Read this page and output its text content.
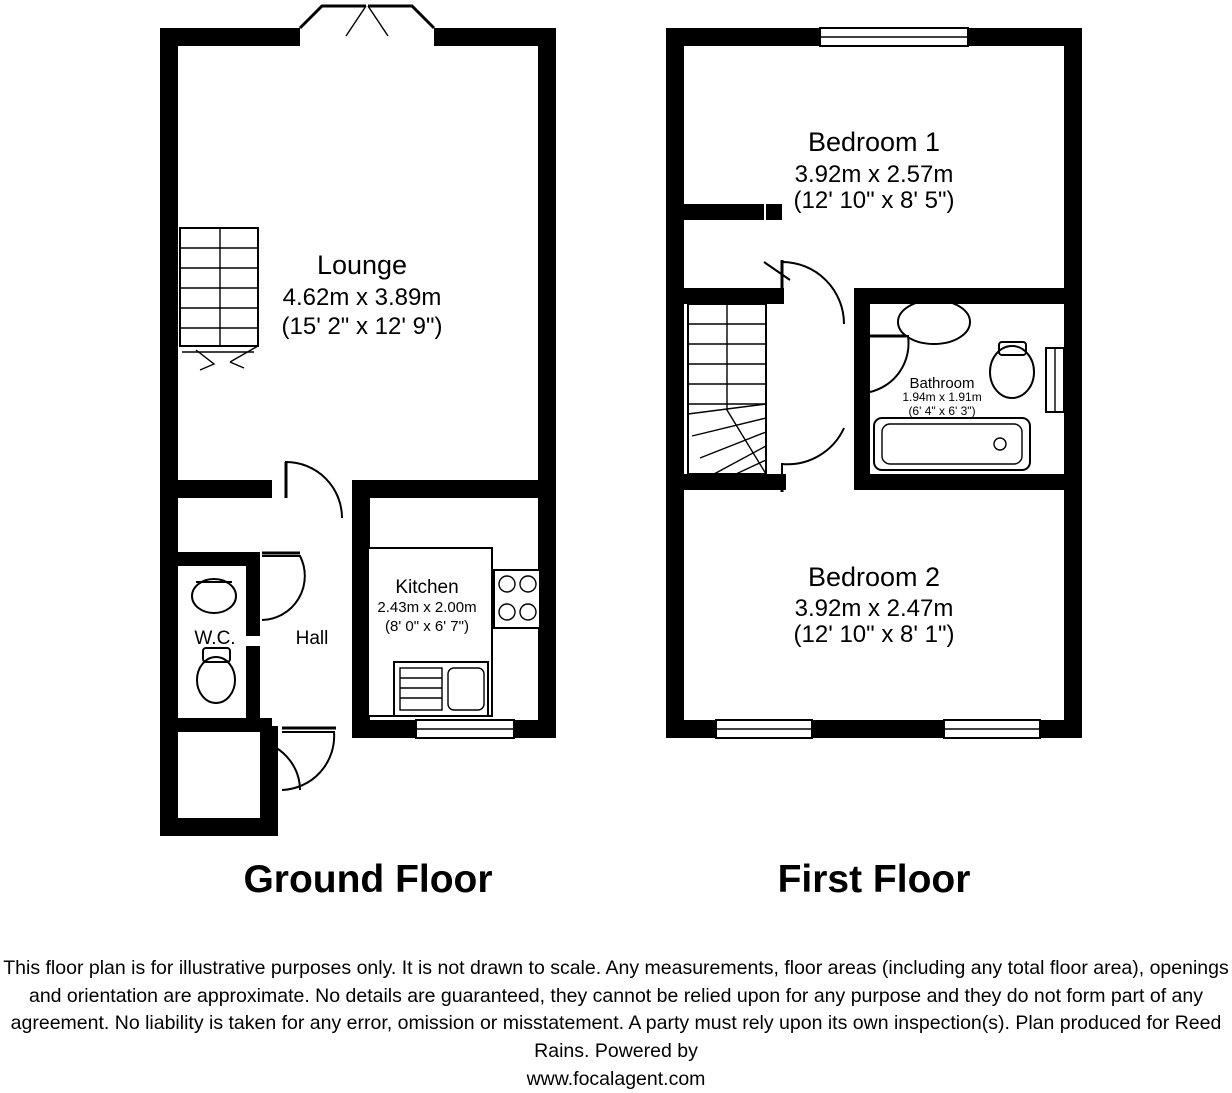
Lounge
4.62m x 3.89m
(15' 2" x 12' 9")
Kitchen
2.43m x 2.00m
(8' 0" x 6' 7")
W.C.	Hall
Bedroom 1
3.92m x 2.57m
(12' 10" x 8' 5")
Bathroom
1.94m x 1.91m
(6' 4" x 6' 3")
Bedroom 2
3.92m x 2.47m
(12' 10" x 8' 1")
Ground Floor	First Floor
This floor plan is for illustrative purposes only. It is not drawn to scale. Any measurements, floor areas (including any total floor area), openings and orientation are approximate. No details are guaranteed, they cannot be relied upon for any purpose and they do not form part of any agreement. No liability is taken for any error, omission or misstatement. A party must rely upon its own inspection(s). Plan produced for Reed Rains. Powered by
www.focalagent.com
